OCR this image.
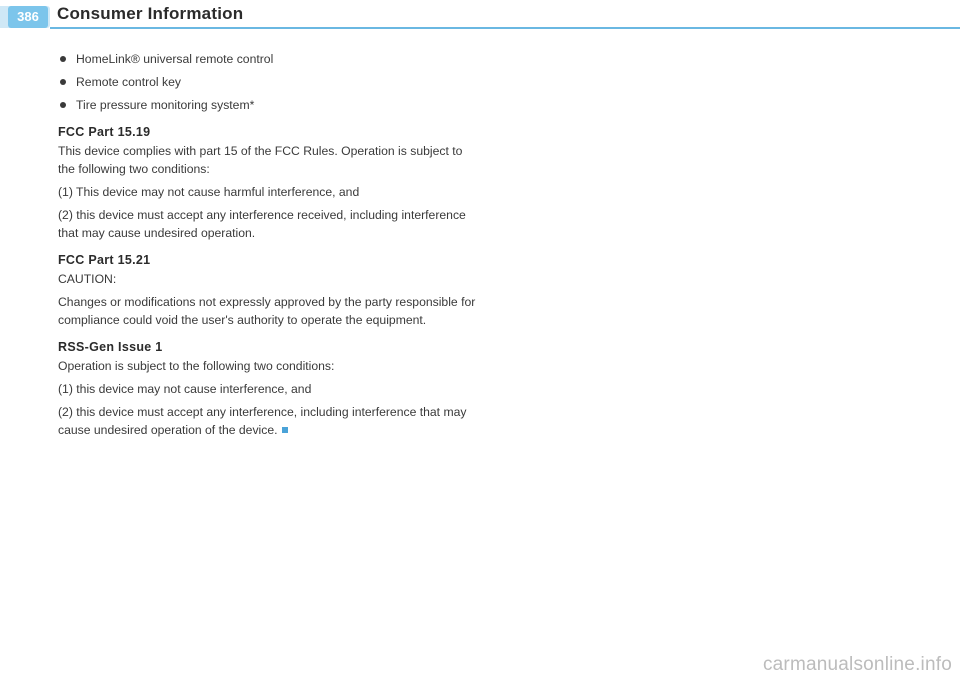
386	Consumer Information
HomeLink® universal remote control
Remote control key
Tire pressure monitoring system*
FCC Part 15.19

This device complies with part 15 of the FCC Rules. Operation is subject to the following two conditions:

(1) This device may not cause harmful interference, and

(2) this device must accept any interference received, including interference that may cause undesired operation.

FCC Part 15.21

CAUTION:

Changes or modifications not expressly approved by the party responsible for compliance could void the user's authority to operate the equipment.

RSS-Gen Issue 1

Operation is subject to the following two conditions:

(1) this device may not cause interference, and

(2) this device must accept any interference, including interference that may cause undesired operation of the device.

carmanualsonline.info
